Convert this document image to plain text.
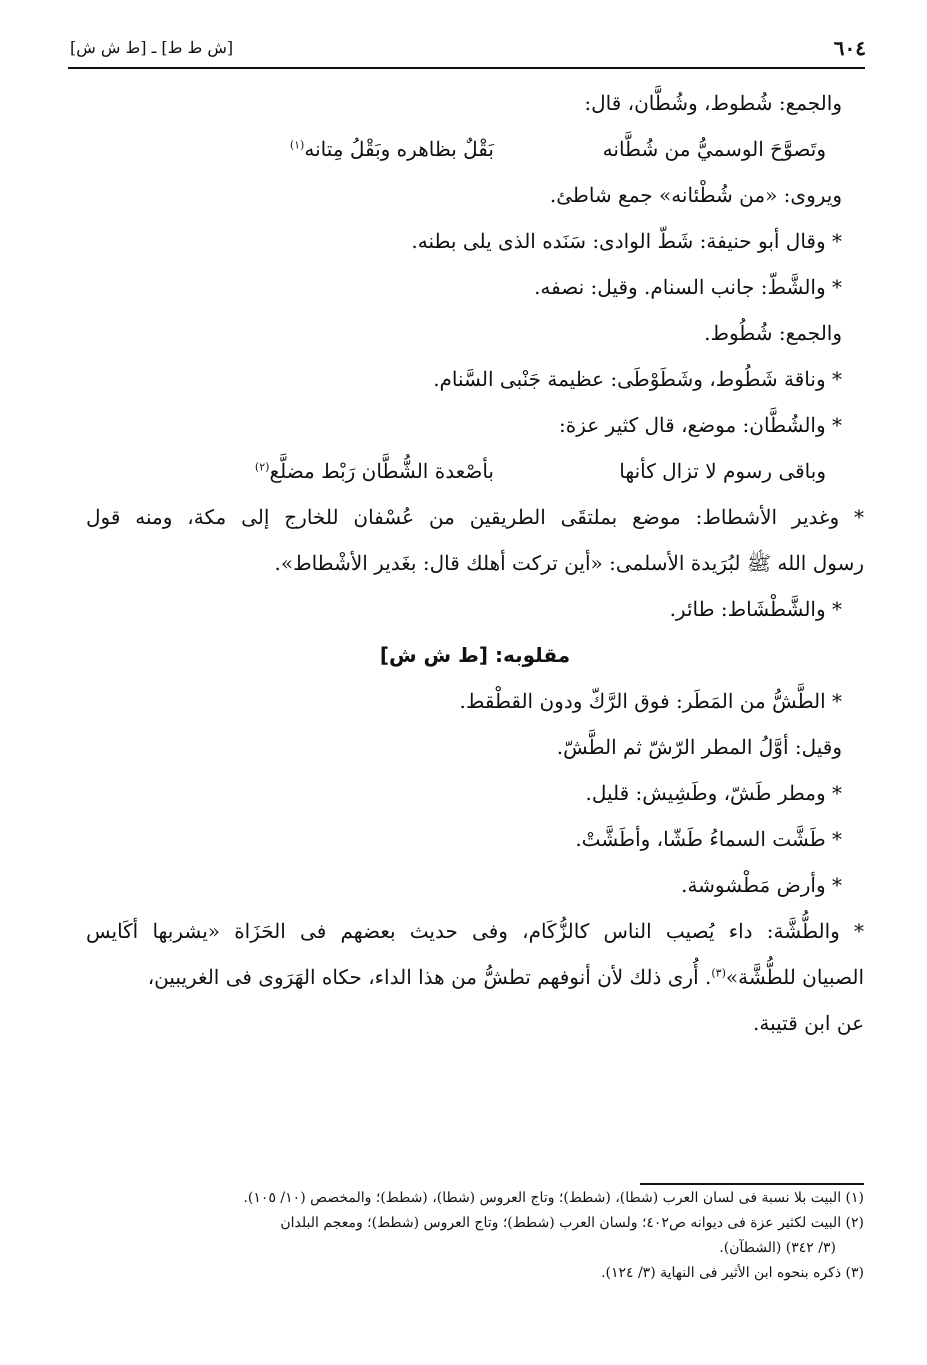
٦٠٤
[ش ط ط] ـ [ط ش ش]
والجمع: شُطوط، وشُطَّان، قال:
وتَصوَّحَ الوسميُّ من شُطَّانه
بَقْلٌ بظاهره وبَقْلُ مِتانه$^{(١)}$
ويروى: «من شُطْئانه» جمع شاطئ.
* وقال أبو حنيفة: شَطّ الوادى: سَنَده الذى يلى بطنه.
* والشَّطّ: جانب السنام. وقيل: نصفه.
والجمع: شُطُوط.
* وناقة شَطُوط، وشَطَوْطَى: عظيمة جَنْبى السَّنام.
* والشُطَّان: موضع، قال كثير عزة:
وباقى رسوم لا تزال كأنها
بأصْعدة الشُّطَّان رَبْط مضلَّع$^{(٢)}$
* وغدير الأشطاط: موضع بملتقَى الطريقين من عُسْفان للخارج إلى مكة، ومنه قول
رسول الله ﷺ لبُرَيدة الأسلمى: «أين تركت أهلك قال: بغَدير الأشْطاط».
* والشَّطْشَاط: طائر.
مقلوبه: [ط ش ش]
* الطَّشُّ من المَطَر: فوق الرَّكّ ودون القطْقط.
وقيل: أوَّلُ المطر الرّشّ ثم الطَّشّ.
* ومطر طَشّ، وطَشِيش: قليل.
* طَشَّت السماءُ طَشّا، وأطَشَّتْ.
* وأرض مَطْشوشة.
* والطُّشَّة: داء يُصيب الناس كالزُّكَام، وفى حديث بعضهم فى الحَزَاة «يشربها أكَايس
الصبيان للطُّشَّة»$^{(٣)}$. أُرى ذلك لأن أنوفهم تطشُّ من هذا الداء، حكاه الهَرَوى فى الغريبين،
عن ابن قتيبة.
(١) البيت بلا نسبة فى لسان العرب (شطا)، (شطط)؛ وتاج العروس (شطا)، (شطط)؛ والمخصص (١٠/ ١٠٥).
(٢) البيت لكثير عزة فى ديوانه ص٤٠٢؛ ولسان العرب (شطط)؛ وتاج العروس (شطط)؛ ومعجم البلدان
(٣/ ٣٤٢) (الشطآن).
(٣) ذكره بنحوه ابن الأثير فى النهاية (٣/ ١٢٤).
